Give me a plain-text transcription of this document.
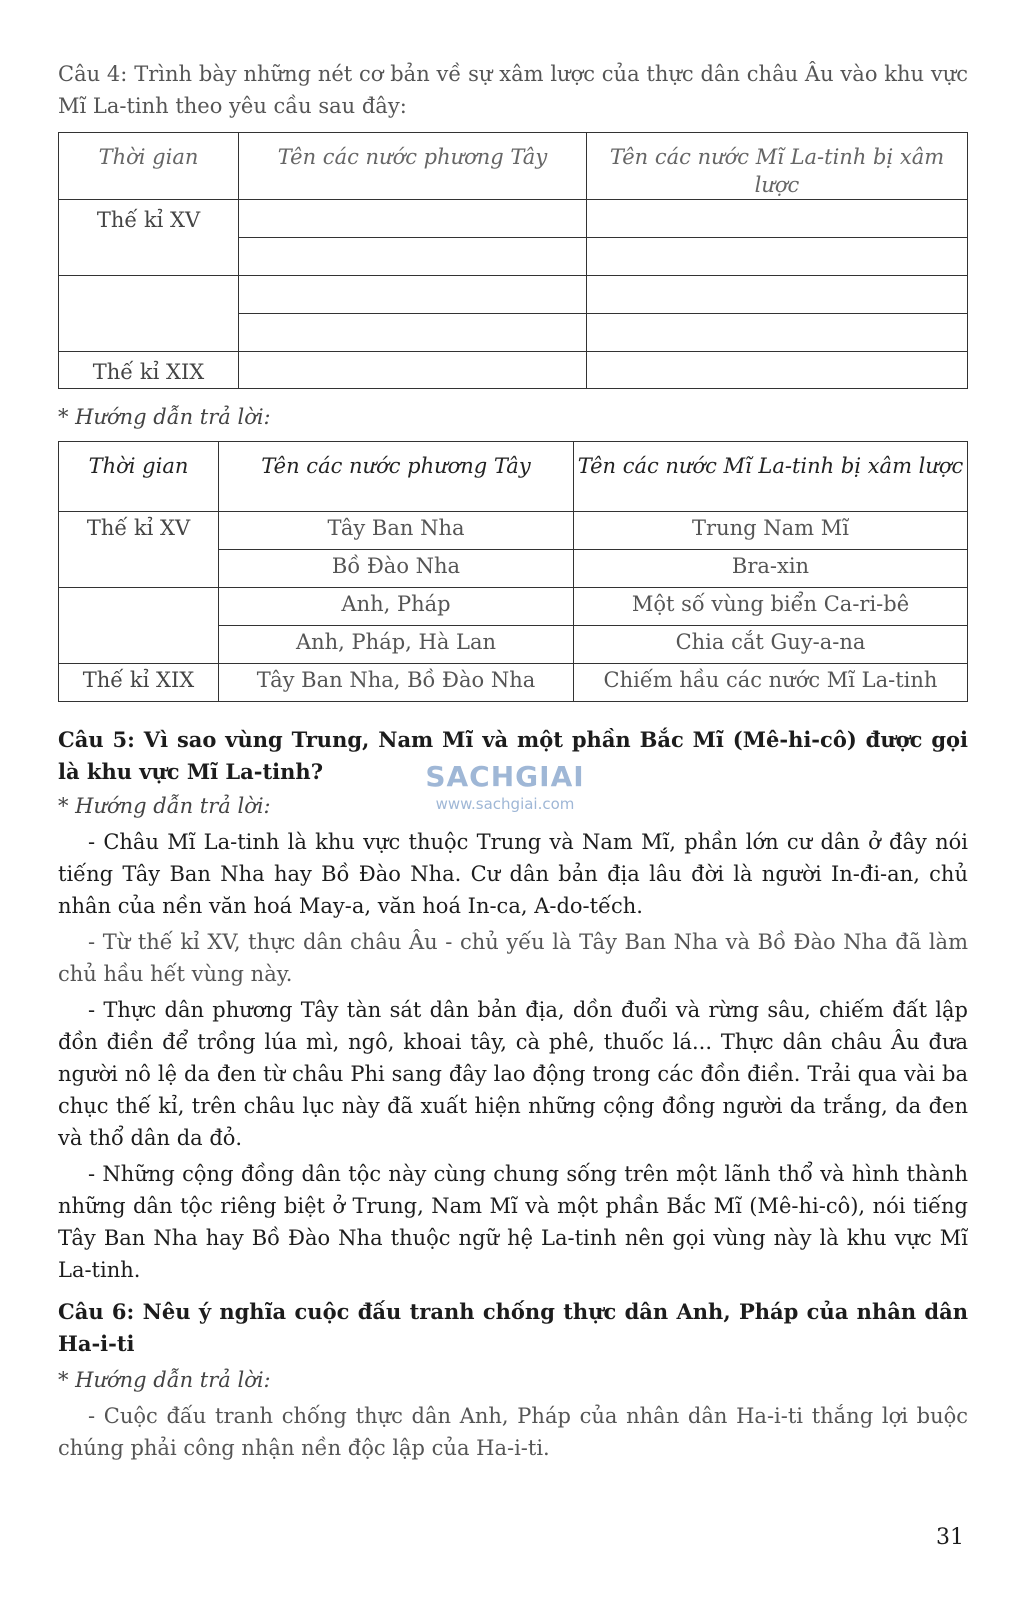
Câu 4: Trình bày những nét cơ bản về sự xâm lược của thực dân châu Âu vào khu vực Mĩ La-tinh theo yêu cầu sau đây:

Thời gian	Tên các nước phương Tây	Tên các nước Mĩ La-tinh bị xâm lược
Thế kỉ XV		

Thế kỉ XIX		

* Hướng dẫn trả lời:

Thời gian	Tên các nước phương Tây	Tên các nước Mĩ La-tinh bị xâm lược
Thế kỉ XV	Tây Ban Nha	Trung Nam Mĩ
	Bồ Đào Nha	Bra-xin
	Anh, Pháp	Một số vùng biển Ca-ri-bê
	Anh, Pháp, Hà Lan	Chia cắt Guy-a-na
Thế kỉ XIX	Tây Ban Nha, Bồ Đào Nha	Chiếm hầu các nước Mĩ La-tinh

Câu 5: Vì sao vùng Trung, Nam Mĩ và một phần Bắc Mĩ (Mê-hi-cô) được gọi là khu vực Mĩ La-tinh?

* Hướng dẫn trả lời:

- Châu Mĩ La-tinh là khu vực thuộc Trung và Nam Mĩ, phần lớn cư dân ở đây nói tiếng Tây Ban Nha hay Bồ Đào Nha. Cư dân bản địa lâu đời là người In-đi-an, chủ nhân của nền văn hoá May-a, văn hoá In-ca, A-do-tếch.

- Từ thế kỉ XV, thực dân châu Âu - chủ yếu là Tây Ban Nha và Bồ Đào Nha đã làm chủ hầu hết vùng này.

- Thực dân phương Tây tàn sát dân bản địa, dồn đuổi và rừng sâu, chiếm đất lập đồn điền để trồng lúa mì, ngô, khoai tây, cà phê, thuốc lá... Thực dân châu Âu đưa người nô lệ da đen từ châu Phi sang đây lao động trong các đồn điền. Trải qua vài ba chục thế kỉ, trên châu lục này đã xuất hiện những cộng đồng người da trắng, da đen và thổ dân da đỏ.

- Những cộng đồng dân tộc này cùng chung sống trên một lãnh thổ và hình thành những dân tộc riêng biệt ở Trung, Nam Mĩ và một phần Bắc Mĩ (Mê-hi-cô), nói tiếng Tây Ban Nha hay Bồ Đào Nha thuộc ngữ hệ La-tinh nên gọi vùng này là khu vực Mĩ La-tinh.

Câu 6: Nêu ý nghĩa cuộc đấu tranh chống thực dân Anh, Pháp của nhân dân Ha-i-ti

* Hướng dẫn trả lời:

- Cuộc đấu tranh chống thực dân Anh, Pháp của nhân dân Ha-i-ti thắng lợi buộc chúng phải công nhận nền độc lập của Ha-i-ti.

SACHGIAI
www.sachgiai.com
31
